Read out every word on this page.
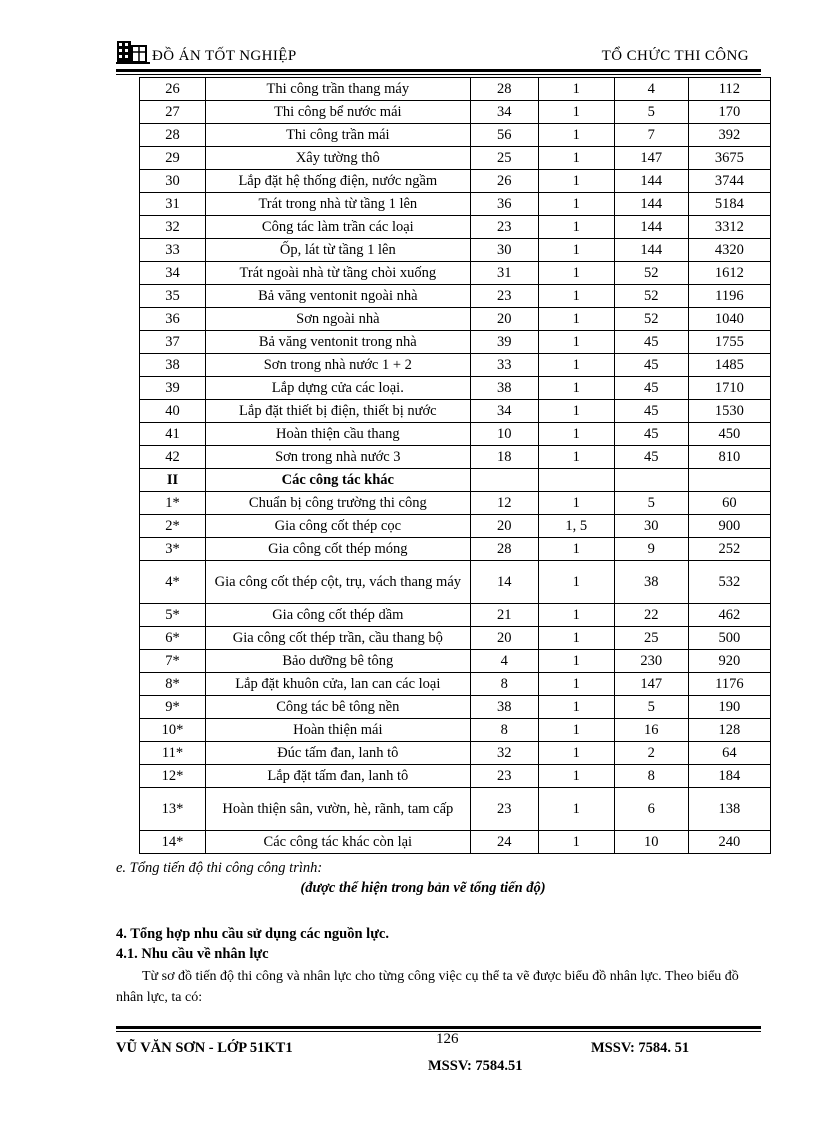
ĐỒ ÁN TỐT NGHIỆP	TỔ CHỨC THI CÔNG
26	Thi công trần thang máy	28	1	4	112
27	Thi công bể nước mái	34	1	5	170
28	Thi công trần mái	56	1	7	392
29	Xây tường thô	25	1	147	3675
30	Lắp đặt hệ thống điện, nước ngầm	26	1	144	3744
31	Trát trong nhà từ tầng 1 lên	36	1	144	5184
32	Công tác làm trần các loại	23	1	144	3312
33	Ốp, lát từ tầng 1 lên	30	1	144	4320
34	Trát ngoài nhà từ tầng chòi xuống	31	1	52	1612
35	Bả văng ventonit ngoài nhà	23	1	52	1196
36	Sơn ngoài nhà	20	1	52	1040
37	Bả văng ventonit trong nhà	39	1	45	1755
38	Sơn trong nhà nước 1 + 2	33	1	45	1485
39	Lắp dựng cửa các loại.	38	1	45	1710
40	Lắp đặt thiết bị điện, thiết bị nước	34	1	45	1530
41	Hoàn thiện cầu thang	10	1	45	450
42	Sơn trong nhà nước 3	18	1	45	810
II	Các công tác khác				
1*	Chuẩn bị công trường thi công	12	1	5	60
2*	Gia công cốt thép cọc	20	1, 5	30	900
3*	Gia công cốt thép móng	28	1	9	252
4*	Gia công cốt thép cột, trụ, vách thang máy	14	1	38	532
5*	Gia công cốt thép dầm	21	1	22	462
6*	Gia công cốt thép trần, cầu thang bộ	20	1	25	500
7*	Bảo dưỡng bê tông	4	1	230	920
8*	Lắp đặt khuôn cửa, lan can các loại	8	1	147	1176
9*	Công tác bê tông nền	38	1	5	190
10*	Hoàn thiện mái	8	1	16	128
11*	Đúc tấm đan, lanh tô	32	1	2	64
12*	Lắp đặt tấm đan, lanh tô	23	1	8	184
13*	Hoàn thiện sân, vườn, hè, rãnh, tam cấp	23	1	6	138
14*	Các công tác khác còn lại	24	1	10	240
e. Tổng tiến độ thi công công trình:
(được thể hiện trong bản vẽ tổng tiến độ)
4. Tổng hợp nhu cầu sử dụng các nguồn lực.
4.1. Nhu cầu về nhân lực

Từ sơ đồ tiến độ thi công và nhân lực cho từng công việc cụ thể ta vẽ được biểu đồ nhân lực. Theo biểu đồ nhân lực, ta có:

VŨ VĂN SƠN - LỚP 51KT1
126
MSSV: 7584. 51
MSSV: 7584.51
